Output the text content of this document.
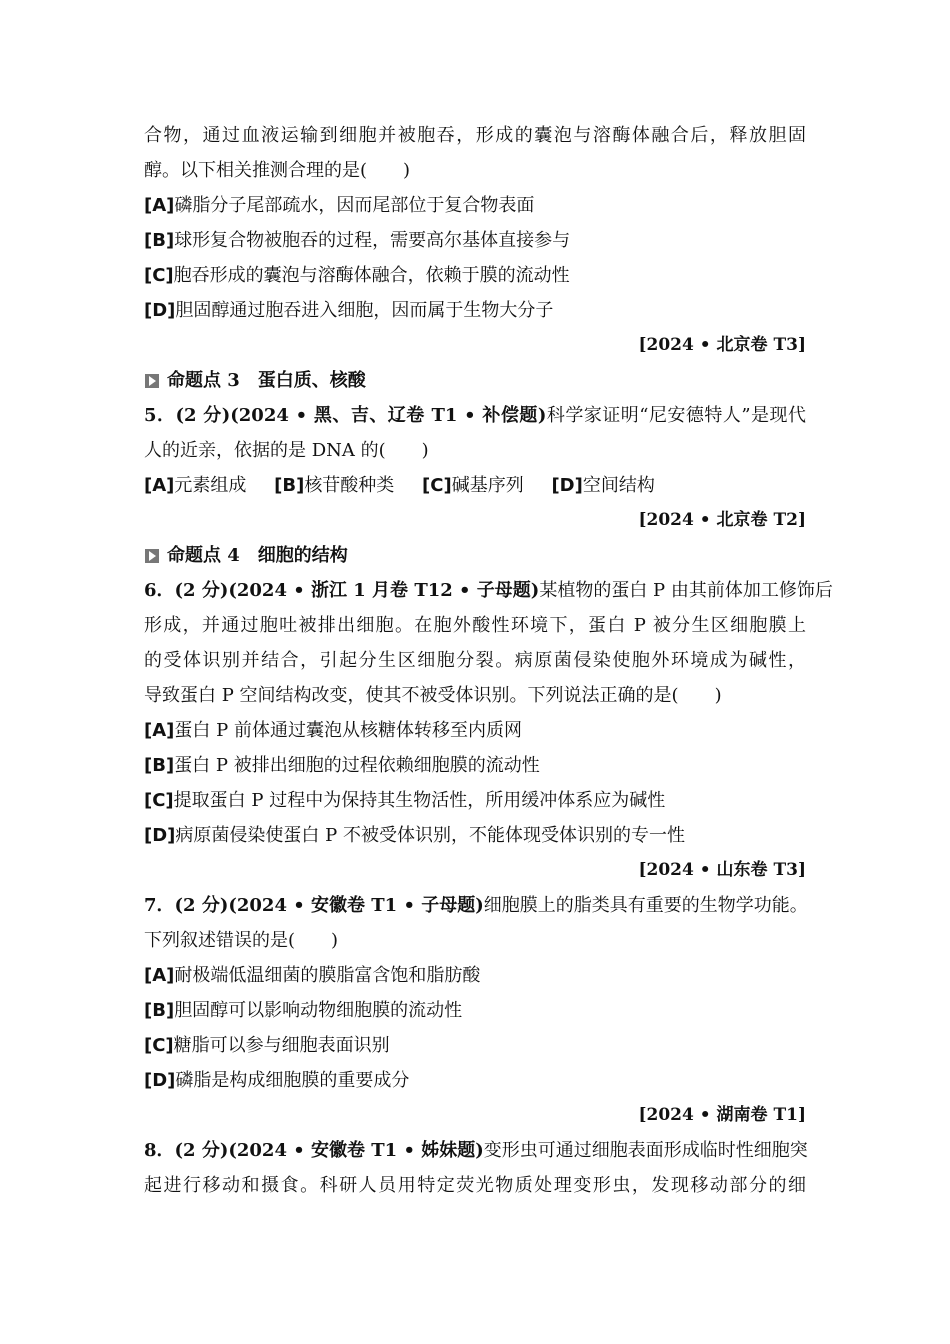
合物，通过血液运输到细胞并被胞吞，形成的囊泡与溶酶体融合后，释放胆固
醇。以下相关推测合理的是(　　)
[A]磷脂分子尾部疏水，因而尾部位于复合物表面
[B]球形复合物被胞吞的过程，需要高尔基体直接参与
[C]胞吞形成的囊泡与溶酶体融合，依赖于膜的流动性
[D]胆固醇通过胞吞进入细胞，因而属于生物大分子
[2024 • 北京卷 T3]
命题点 3 蛋白质、核酸
5．(2 分)(2024 • 黑、吉、辽卷 T1 • 补偿题)科学家证明“尼安德特人”是现代
人的近亲，依据的是 DNA 的(　　)
[A]元素组成 [B]核苷酸种类 [C]碱基序列 [D]空间结构
[2024 • 北京卷 T2]
命题点 4 细胞的结构
6．(2 分)(2024 • 浙江 1 月卷 T12 • 子母题)某植物的蛋白 P 由其前体加工修饰后
形成，并通过胞吐被排出细胞。在胞外酸性环境下，蛋白 P 被分生区细胞膜上
的受体识别并结合，引起分生区细胞分裂。病原菌侵染使胞外环境成为碱性，
导致蛋白 P 空间结构改变，使其不被受体识别。下列说法正确的是(　　)
[A]蛋白 P 前体通过囊泡从核糖体转移至内质网
[B]蛋白 P 被排出细胞的过程依赖细胞膜的流动性
[C]提取蛋白 P 过程中为保持其生物活性，所用缓冲体系应为碱性
[D]病原菌侵染使蛋白 P 不被受体识别，不能体现受体识别的专一性
[2024 • 山东卷 T3]
7．(2 分)(2024 • 安徽卷 T1 • 子母题)细胞膜上的脂类具有重要的生物学功能。
下列叙述错误的是(　　)
[A]耐极端低温细菌的膜脂富含饱和脂肪酸
[B]胆固醇可以影响动物细胞膜的流动性
[C]糖脂可以参与细胞表面识别
[D]磷脂是构成细胞膜的重要成分
[2024 • 湖南卷 T1]
8．(2 分)(2024 • 安徽卷 T1 • 姊妹题)变形虫可通过细胞表面形成临时性细胞突
起进行移动和摄食。科研人员用特定荧光物质处理变形虫，发现移动部分的细
